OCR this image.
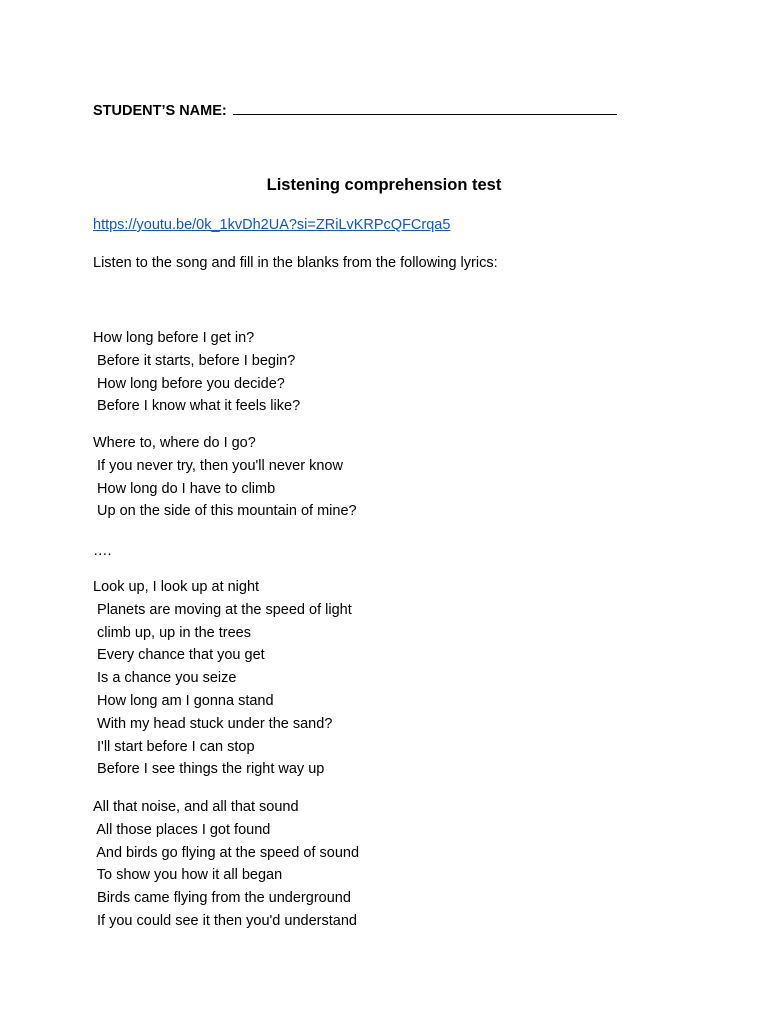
STUDENT’S NAME:
Listening comprehension test
https://youtu.be/0k_1kvDh2UA?si=ZRiLvKRPcQFCrqa5
Listen to the song and fill in the blanks from the following lyrics:
How long before I get in?
Before it starts, before I begin?
How long before you decide?
Before I know what it feels like?
Where to, where do I go?
If you never try, then you'll never know
How long do I have to climb
Up on the side of this mountain of mine?
….
Look up, I look up at night
Planets are moving at the speed of light
climb up, up in the trees
Every chance that you get
Is a chance you seize
How long am I gonna stand
With my head stuck under the sand?
I'll start before I can stop
Before I see things the right way up
All that noise, and all that sound
All those places I got found
And birds go flying at the speed of sound
To show you how it all began
Birds came flying from the underground
If you could see it then you'd understand
